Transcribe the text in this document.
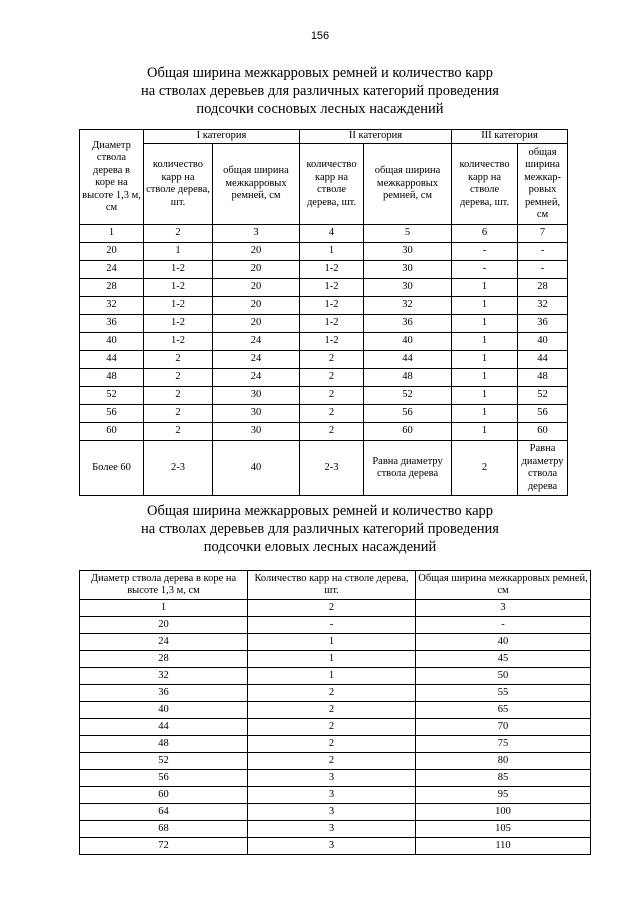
156
Общая ширина межкарровых ремней и количество карр
на стволах деревьев для различных категорий проведения
подсочки сосновых лесных насаждений
Диаметр ствола дерева в коре на высоте 1,3 м, см	I категория		II категория		III категория	
	количество карр на стволе дерева, шт.	общая ширина межкарровых ремней, см	количество карр на стволе дерева, шт.	общая ширина межкарровых ремней, см	количество карр на стволе дерева, шт.	общая ширина межкар-ровых ремней, см
1	2	3	4	5	6	7
20	1	20	1	30	-	-
24	1-2	20	1-2	30	-	-
28	1-2	20	1-2	30	1	28
32	1-2	20	1-2	32	1	32
36	1-2	20	1-2	36	1	36
40	1-2	24	1-2	40	1	40
44	2	24	2	44	1	44
48	2	24	2	48	1	48
52	2	30	2	52	1	52
56	2	30	2	56	1	56
60	2	30	2	60	1	60
Более 60	2-3	40	2-3	Равна диаметру ствола дерева	2	Равна диаметру ствола дерева
Общая ширина межкарровых ремней и количество карр
на стволах деревьев для различных категорий проведения
подсочки еловых лесных насаждений
Диаметр ствола дерева в коре на высоте 1,3 м, см	Количество карр на стволе дерева, шт.	Общая ширина межкарровых ремней, см
1	2	3
20	-	-
24	1	40
28	1	45
32	1	50
36	2	55
40	2	65
44	2	70
48	2	75
52	2	80
56	3	85
60	3	95
64	3	100
68	3	105
72	3	110
